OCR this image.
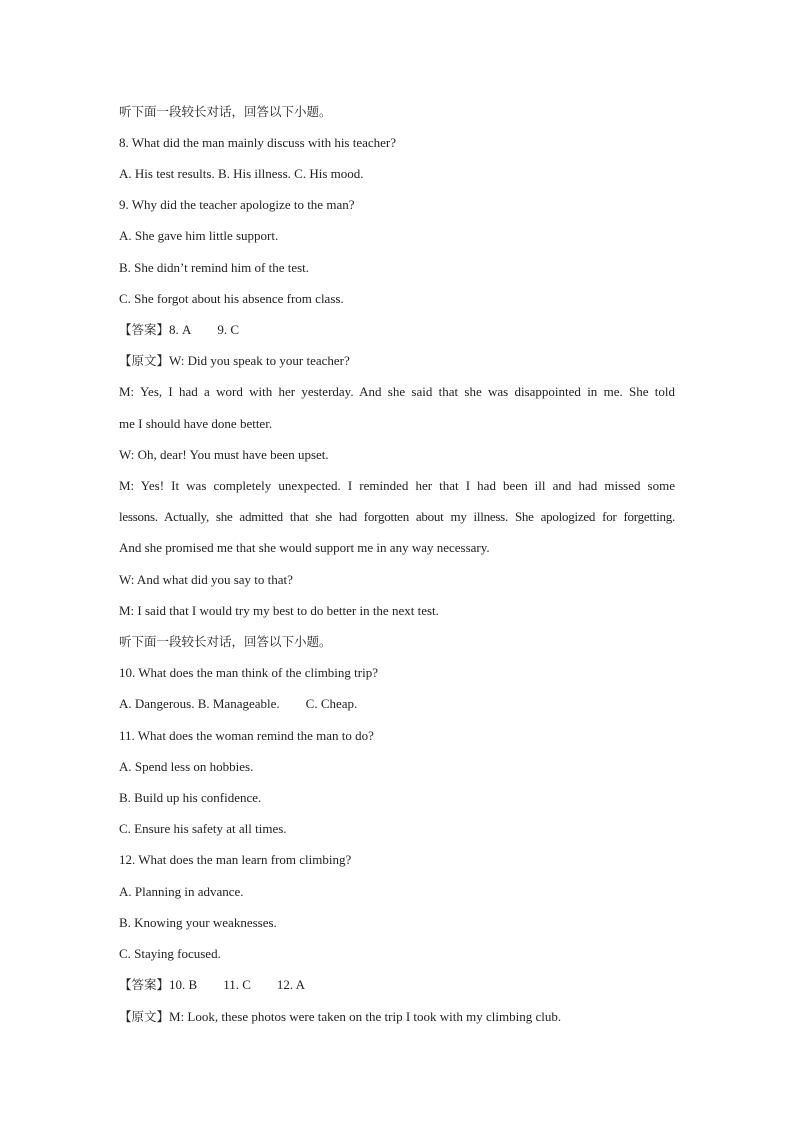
听下面一段较长对话，回答以下小题。
8. What did the man mainly discuss with his teacher?
A. His test results. B. His illness. C. His mood.
9. Why did the teacher apologize to the man?
A. She gave him little support.
B. She didn’t remind him of the test.
C. She forgot about his absence from class.
【答案】8. A 9. C
【原文】W: Did you speak to your teacher?
M: Yes, I had a word with her yesterday. And she said that she was disappointed in me. She told
me I should have done better.
W: Oh, dear! You must have been upset.
M: Yes! It was completely unexpected. I reminded her that I had been ill and had missed some
lessons. Actually, she admitted that she had forgotten about my illness. She apologized for forgetting.
And she promised me that she would support me in any way necessary.
W: And what did you say to that?
M: I said that I would try my best to do better in the next test.
听下面一段较长对话，回答以下小题。
10. What does the man think of the climbing trip?
A. Dangerous. B. Manageable. C. Cheap.
11. What does the woman remind the man to do?
A. Spend less on hobbies.
B. Build up his confidence.
C. Ensure his safety at all times.
12. What does the man learn from climbing?
A. Planning in advance.
B. Knowing your weaknesses.
C. Staying focused.
【答案】10. B 11. C 12. A
【原文】M: Look, these photos were taken on the trip I took with my climbing club.
